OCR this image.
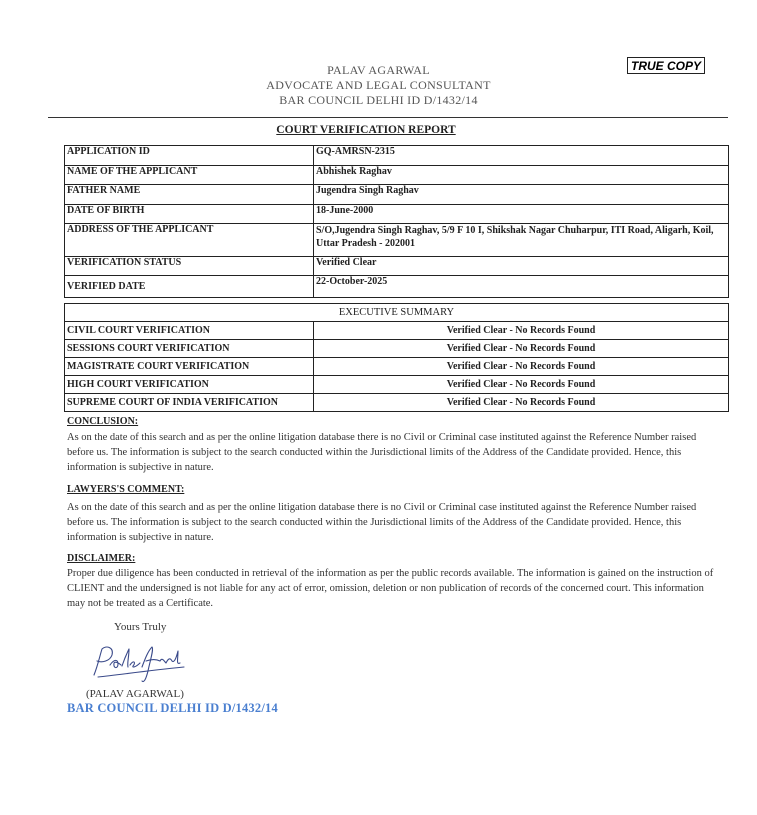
PALAV AGARWAL
ADVOCATE AND LEGAL CONSULTANT
BAR COUNCIL DELHI ID D/1432/14
TRUE COPY
COURT VERIFICATION REPORT
APPLICATION ID	GQ-AMRSN-2315
NAME OF THE APPLICANT	Abhishek Raghav
FATHER NAME	Jugendra Singh Raghav
DATE OF BIRTH	18-June-2000
ADDRESS OF THE APPLICANT	S/O,Jugendra Singh Raghav, 5/9 F 10 I, Shikshak Nagar Chuharpur, ITI Road, Aligarh, Koil, Uttar Pradesh - 202001
VERIFICATION STATUS	Verified Clear
VERIFIED DATE	22-October-2025
EXECUTIVE SUMMARY	
CIVIL COURT VERIFICATION	Verified Clear - No Records Found
SESSIONS COURT VERIFICATION	Verified Clear - No Records Found
MAGISTRATE COURT VERIFICATION	Verified Clear - No Records Found
HIGH COURT VERIFICATION	Verified Clear - No Records Found
SUPREME COURT OF INDIA VERIFICATION	Verified Clear - No Records Found
CONCLUSION:
As on the date of this search and as per the online litigation database there is no Civil or Criminal case instituted against the Reference Number raised before us. The information is subject to the search conducted within the Jurisdictional limits of the Address of the Candidate provided. Hence, this information is subjective in nature.
LAWYERS'S COMMENT:
As on the date of this search and as per the online litigation database there is no Civil or Criminal case instituted against the Reference Number raised before us. The information is subject to the search conducted within the Jurisdictional limits of the Address of the Candidate provided. Hence, this information is subjective in nature.
DISCLAIMER:
Proper due diligence has been conducted in retrieval of the information as per the public records available. The information is gained on the instruction of CLIENT and the undersigned is not liable for any act of error, omission, deletion or non publication of records of the concerned court. This information may not be treated as a Certificate.
Yours Truly
(PALAV AGARWAL)
BAR COUNCIL DELHI ID D/1432/14
